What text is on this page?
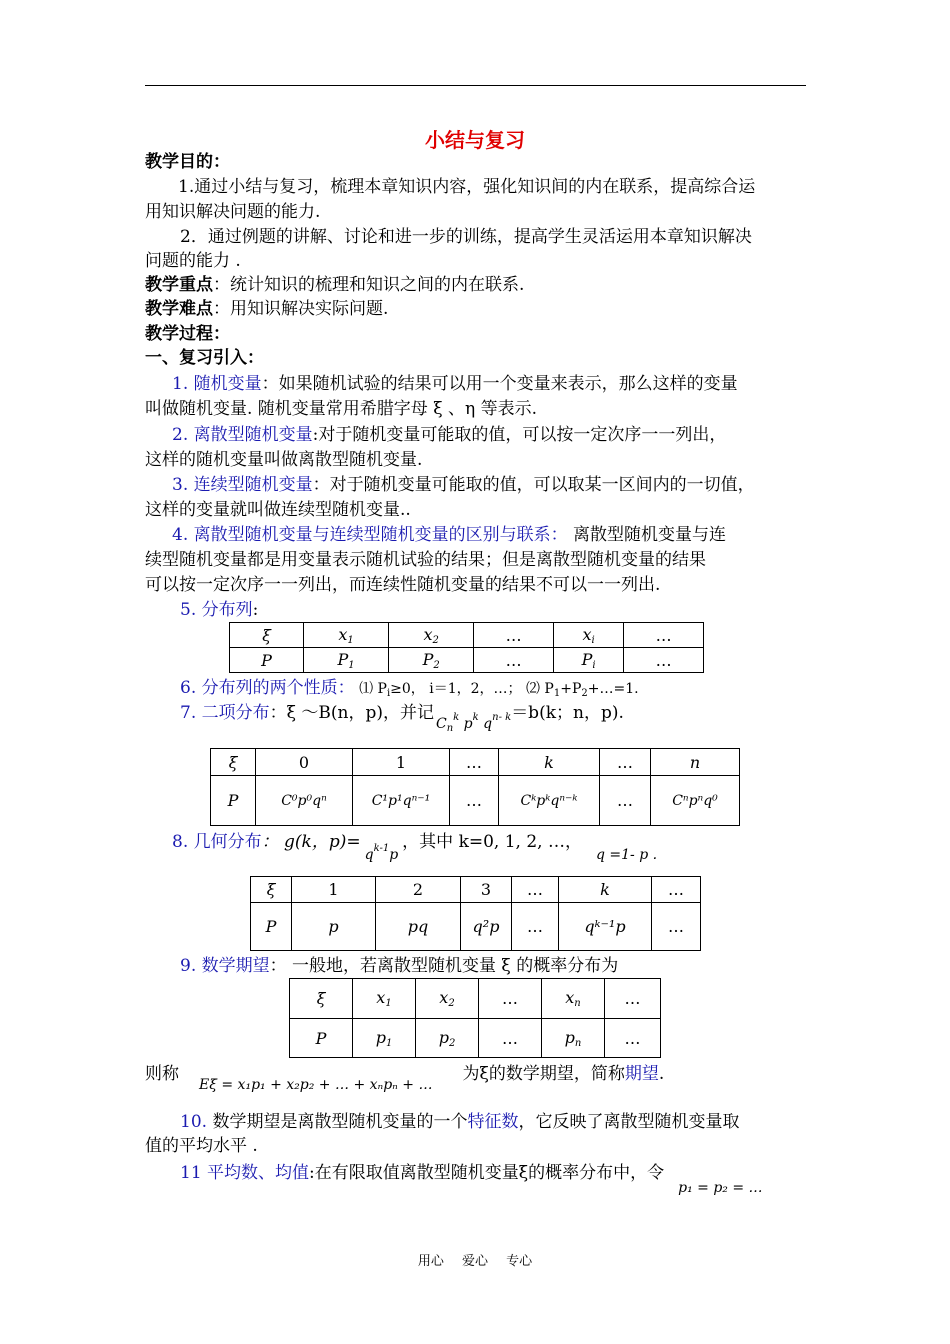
小结与复习
教学目的：
1.通过小结与复习，梳理本章知识内容，强化知识间的内在联系，提高综合运
用知识解决问题的能力.
2．通过例题的讲解、讨论和进一步的训练，提高学生灵活运用本章知识解决
问题的能力 .
教学重点：统计知识的梳理和知识之间的内在联系.
教学难点：用知识解决实际问题.
教学过程：
一、复习引入：
1. 随机变量：如果随机试验的结果可以用一个变量来表示，那么这样的变量
叫做随机变量. 随机变量常用希腊字母 ξ 、η 等表示.
2. 离散型随机变量:对于随机变量可能取的值，可以按一定次序一一列出，
这样的随机变量叫做离散型随机变量.
3. 连续型随机变量：对于随机变量可能取的值，可以取某一区间内的一切值，
这样的变量就叫做连续型随机变量..
4. 离散型随机变量与连续型随机变量的区别与联系： 离散型随机变量与连
续型随机变量都是用变量表示随机试验的结果；但是离散型随机变量的结果
可以按一定次序一一列出，而连续性随机变量的结果不可以一一列出.
5. 分布列:
ξ	$x_1$	$x_2$	…	$x_i$	…
P	$P_1$	$P_2$	…	$P_i$	…
6. 分布列的两个性质： ⑴ $P_i\ge 0$， i＝1，2，…； ⑵ $P_1+P_2+\dots=1$.
7. 二项分布：ξ ～B(n，p)，并记$C_n^k$ $p^k$ $q^{n- k}=b(k$；n，p).
ξ	0	1	…	k	…	n
P	C⁰p⁰qⁿ	C¹p¹qⁿ⁻¹	…	Cᵏpᵏqⁿ⁻ᵏ	…	Cⁿpⁿq⁰
8. 几何分布： g(k，$p)=q^{k-1}p$，其中 k=0, 1, 2, …，q =1- p .
ξ	1	2	3	…	k	…
P	p	pq	q²p	…	qᵏ⁻¹p	…
9. 数学期望： 一般地，若离散型随机变量 ξ 的概率分布为
ξ	$x_1$	$x_2$	…	$x_n$	…
P	$p_1$	$p_2$	…	$p_n$	…
则称Eξ = x₁p₁ + x₂p₂ + … + xₙpₙ + …为ξ的数学期望，简称期望.
10. 数学期望是离散型随机变量的一个特征数，它反映了离散型随机变量取
值的平均水平 .
11 平均数、均值:在有限取值离散型随机变量ξ的概率分布中，令p₁ = p₂ = …
用心 爱心 专心
